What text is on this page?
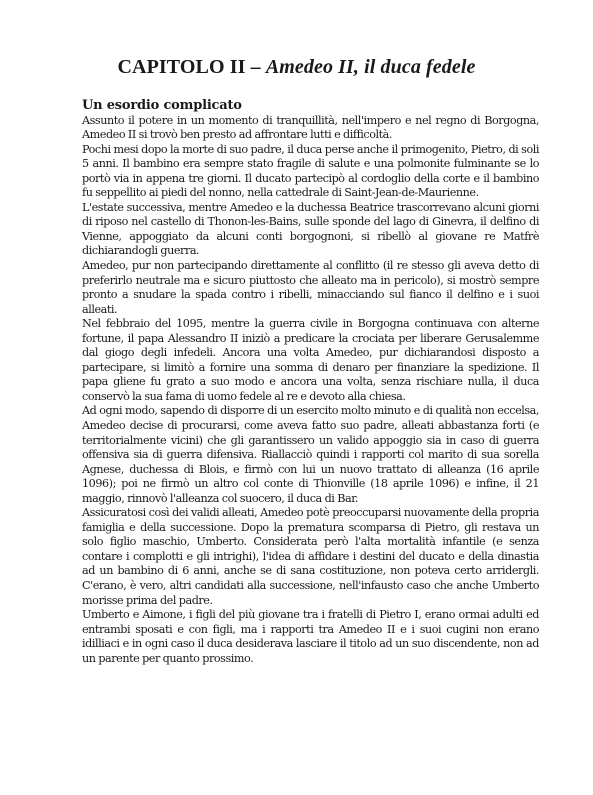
CAPITOLO II – Amedeo II, il duca fedele
Un esordio complicato

Assunto il potere in un momento di tranquillità, nell'impero e nel regno di Borgogna, Amedeo II si trovò ben presto ad affrontare lutti e difficoltà.

Pochi mesi dopo la morte di suo padre, il duca perse anche il primogenito, Pietro, di soli 5 anni. Il bambino era sempre stato fragile di salute e una polmonite fulminante se lo portò via in appena tre giorni. Il ducato partecipò al cordoglio della corte e il bambino fu seppellito ai piedi del nonno, nella cattedrale di Saint-Jean-de-Maurienne.

L'estate successiva, mentre Amedeo e la duchessa Beatrice trascorrevano alcuni giorni di riposo nel castello di Thonon-les-Bains, sulle sponde del lago di Ginevra, il delfino di Vienne, appoggiato da alcuni conti borgognoni, si ribellò al giovane re Matfrè dichiarandogli guerra.

Amedeo, pur non partecipando direttamente al conflitto (il re stesso gli aveva detto di preferirlo neutrale ma e sicuro piuttosto che alleato ma in pericolo), si mostrò sempre pronto a snudare la spada contro i ribelli, minacciando sul fianco il delfino e i suoi alleati.

Nel febbraio del 1095, mentre la guerra civile in Borgogna continuava con alterne fortune, il papa Alessandro II iniziò a predicare la crociata per liberare Gerusalemme dal giogo degli infedeli. Ancora una volta Amedeo, pur dichiarandosi disposto a partecipare, si limitò a fornire una somma di denaro per finanziare la spedizione. Il papa gliene fu grato a suo modo e ancora una volta, senza rischiare nulla, il duca conservò la sua fama di uomo fedele al re e devoto alla chiesa.

Ad ogni modo, sapendo di disporre di un esercito molto minuto e di qualità non eccelsa, Amedeo decise di procurarsi, come aveva fatto suo padre, alleati abbastanza forti (e territorialmente vicini) che gli garantissero un valido appoggio sia in caso di guerra offensiva sia di guerra difensiva. Riallacciò quindi i rapporti col marito di sua sorella Agnese, duchessa di Blois, e firmò con lui un nuovo trattato di alleanza (16 aprile 1096); poi ne firmò un altro col conte di Thionville (18 aprile 1096) e infine, il 21 maggio, rinnovò l'alleanza col suocero, il duca di Bar.

Assicuratosi così dei validi alleati, Amedeo potè preoccuparsi nuovamente della propria famiglia e della successione. Dopo la prematura scomparsa di Pietro, gli restava un solo figlio maschio, Umberto. Considerata però l'alta mortalità infantile (e senza contare i complotti e gli intrighi), l'idea di affidare i destini del ducato e della dinastia ad un bambino di 6 anni, anche se di sana costituzione, non poteva certo arridergli. C'erano, è vero, altri candidati alla successione, nell'infausto caso che anche Umberto morisse prima del padre.

Umberto e Aimone, i figli del più giovane tra i fratelli di Pietro I, erano ormai adulti ed entrambi sposati e con figli, ma i rapporti tra Amedeo II e i suoi cugini non erano idilliaci e in ogni caso il duca desiderava lasciare il titolo ad un suo discendente, non ad un parente per quanto prossimo.
